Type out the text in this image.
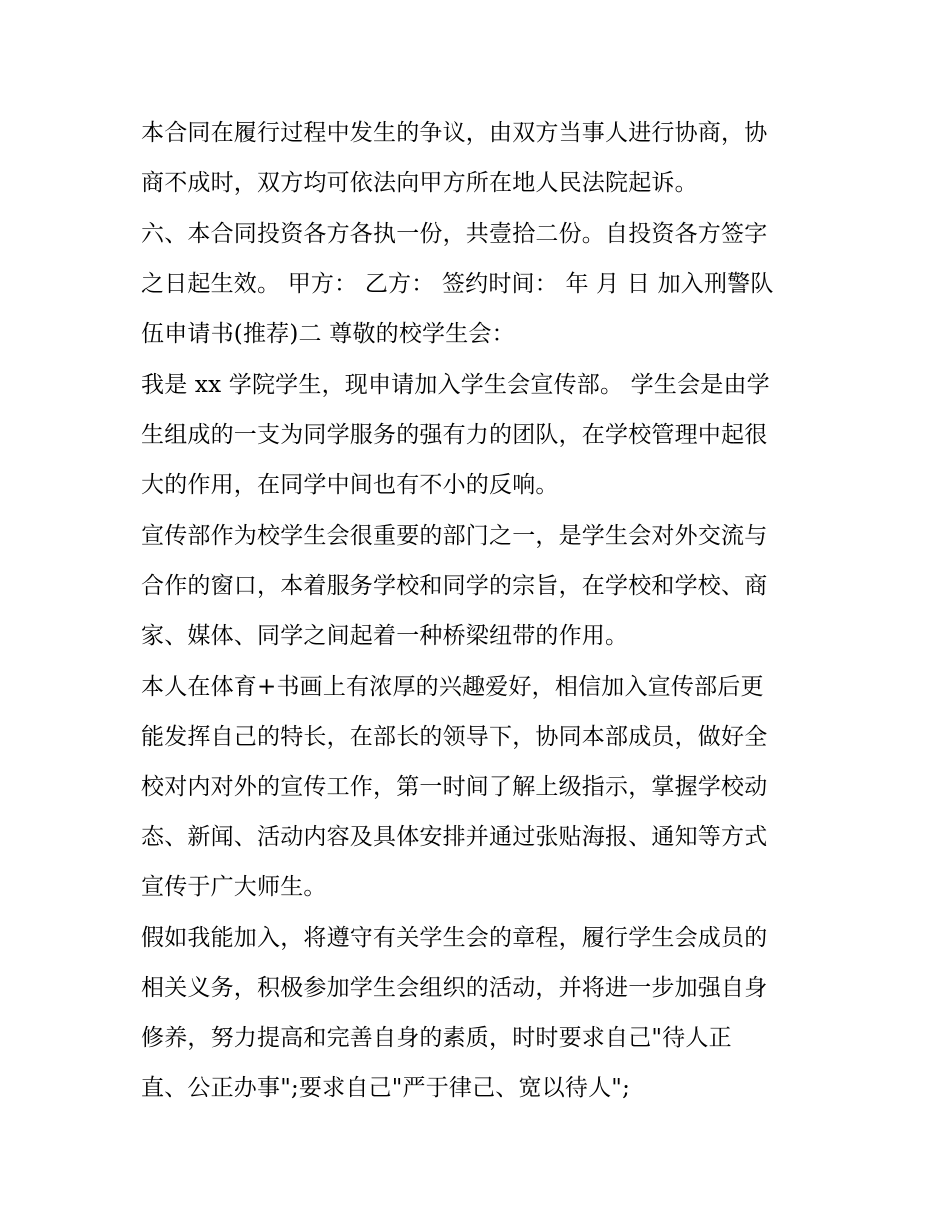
本合同在履行过程中发生的争议，由双方当事人进行协商，协
商不成时，双方均可依法向甲方所在地人民法院起诉。
六、本合同投资各方各执一份，共壹拾二份。自投资各方签字
之日起生效。 甲方： 乙方： 签约时间： 年 月 日 加入刑警队
伍申请书(推荐)二 尊敬的校学生会：
我是 xx 学院学生，现申请加入学生会宣传部。 学生会是由学
生组成的一支为同学服务的强有力的团队，在学校管理中起很
大的作用，在同学中间也有不小的反响。
宣传部作为校学生会很重要的部门之一，是学生会对外交流与
合作的窗口，本着服务学校和同学的宗旨，在学校和学校、商
家、媒体、同学之间起着一种桥梁纽带的作用。
本人在体育+书画上有浓厚的兴趣爱好，相信加入宣传部后更
能发挥自己的特长，在部长的领导下，协同本部成员，做好全
校对内对外的宣传工作，第一时间了解上级指示，掌握学校动
态、新闻、活动内容及具体安排并通过张贴海报、通知等方式
宣传于广大师生。
假如我能加入，将遵守有关学生会的章程，履行学生会成员的
相关义务，积极参加学生会组织的活动，并将进一步加强自身
修养，努力提高和完善自身的素质，时时要求自己"待人正
直、公正办事";要求自己"严于律己、宽以待人";
